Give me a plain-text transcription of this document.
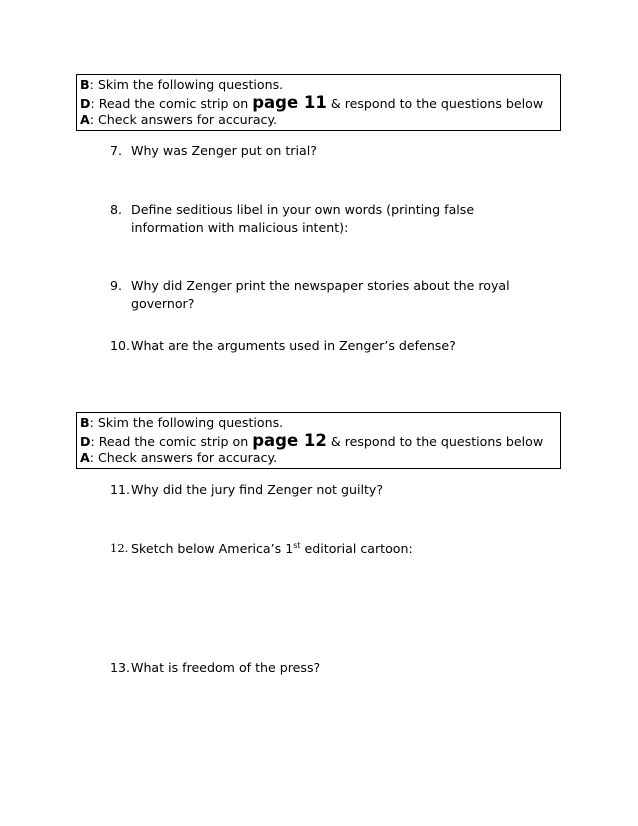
B: Skim the following questions.
D: Read the comic strip on page 11 & respond to the questions below
A: Check answers for accuracy.
7. Why was Zenger put on trial?
8. Define seditious libel in your own words (printing false information with malicious intent):
9. Why did Zenger print the newspaper stories about the royal governor?
10. What are the arguments used in Zenger’s defense?
B: Skim the following questions.
D: Read the comic strip on page 12 & respond to the questions below
A: Check answers for accuracy.
11. Why did the jury find Zenger not guilty?
12. Sketch below America’s 1st editorial cartoon:
13. What is freedom of the press?
